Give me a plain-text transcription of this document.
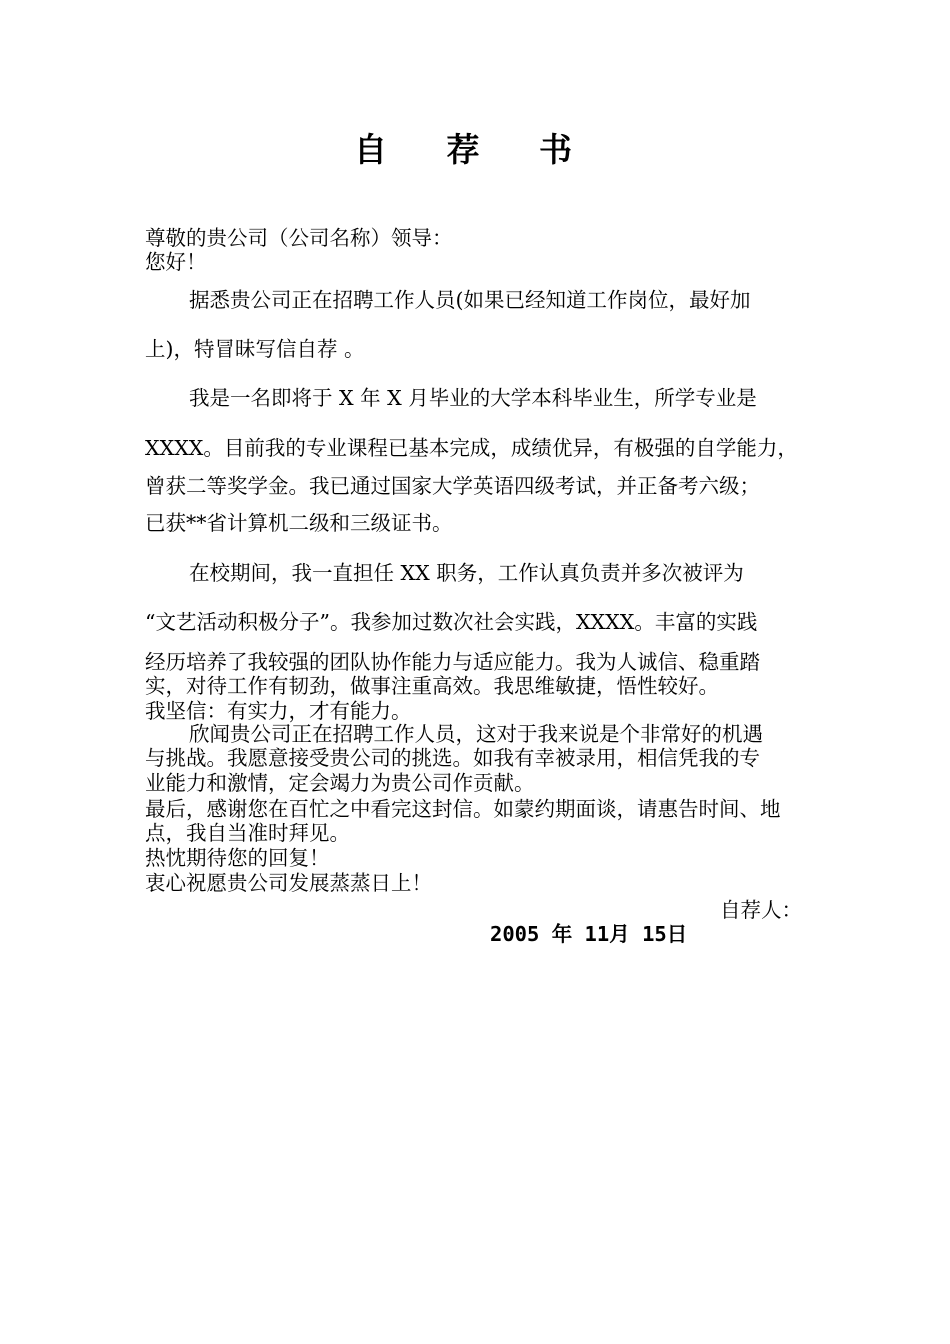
自 荐 书
尊敬的贵公司（公司名称）领导：
您好！
据悉贵公司正在招聘工作人员(如果已经知道工作岗位，最好加
上)，特冒昧写信自荐 。
我是一名即将于 X 年 X 月毕业的大学本科毕业生，所学专业是
XXXX。目前我的专业课程已基本完成，成绩优异，有极强的自学能力，
曾获二等奖学金。我已通过国家大学英语四级考试，并正备考六级；
已获**省计算机二级和三级证书。
在校期间，我一直担任 XX 职务，工作认真负责并多次被评为
“文艺活动积极分子”。我参加过数次社会实践，XXXX。丰富的实践
经历培养了我较强的团队协作能力与适应能力。我为人诚信、稳重踏
实，对待工作有韧劲，做事注重高效。我思维敏捷，悟性较好。
我坚信：有实力，才有能力。
欣闻贵公司正在招聘工作人员，这对于我来说是个非常好的机遇
与挑战。我愿意接受贵公司的挑选。如我有幸被录用，相信凭我的专
业能力和激情，定会竭力为贵公司作贡献。
最后，感谢您在百忙之中看完这封信。如蒙约期面谈，请惠告时间、地
点，我自当准时拜见。
热忱期待您的回复！
衷心祝愿贵公司发展蒸蒸日上！
自荐人：
2005 年 11月 15日
